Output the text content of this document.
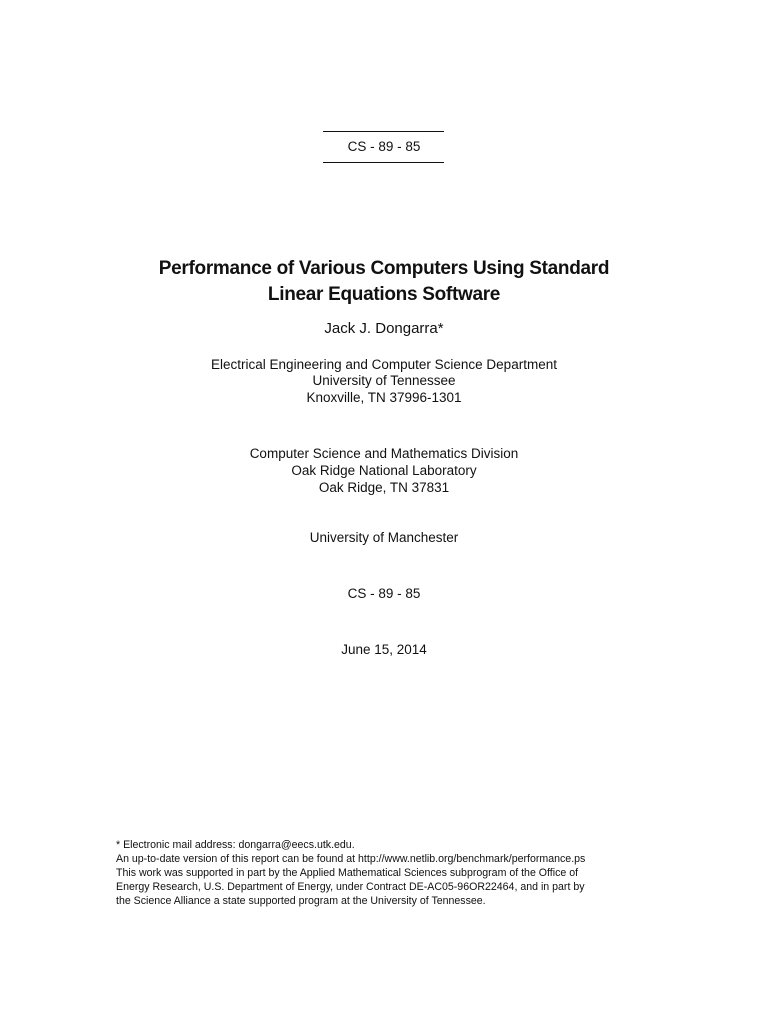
CS - 89 - 85
Performance of Various Computers Using Standard
Linear Equations Software
Jack J. Dongarra*
Electrical Engineering and Computer Science Department
University of Tennessee
Knoxville, TN 37996-1301
Computer Science and Mathematics Division
Oak Ridge National Laboratory
Oak Ridge, TN 37831
University of Manchester
CS - 89 - 85
June 15, 2014
* Electronic mail address: dongarra@eecs.utk.edu.
An up-to-date version of this report can be found at http://www.netlib.org/benchmark/performance.ps
This work was supported in part by the Applied Mathematical Sciences subprogram of the Office of
Energy Research, U.S. Department of Energy, under Contract DE-AC05-96OR22464, and in part by
the Science Alliance a state supported program at the University of Tennessee.
